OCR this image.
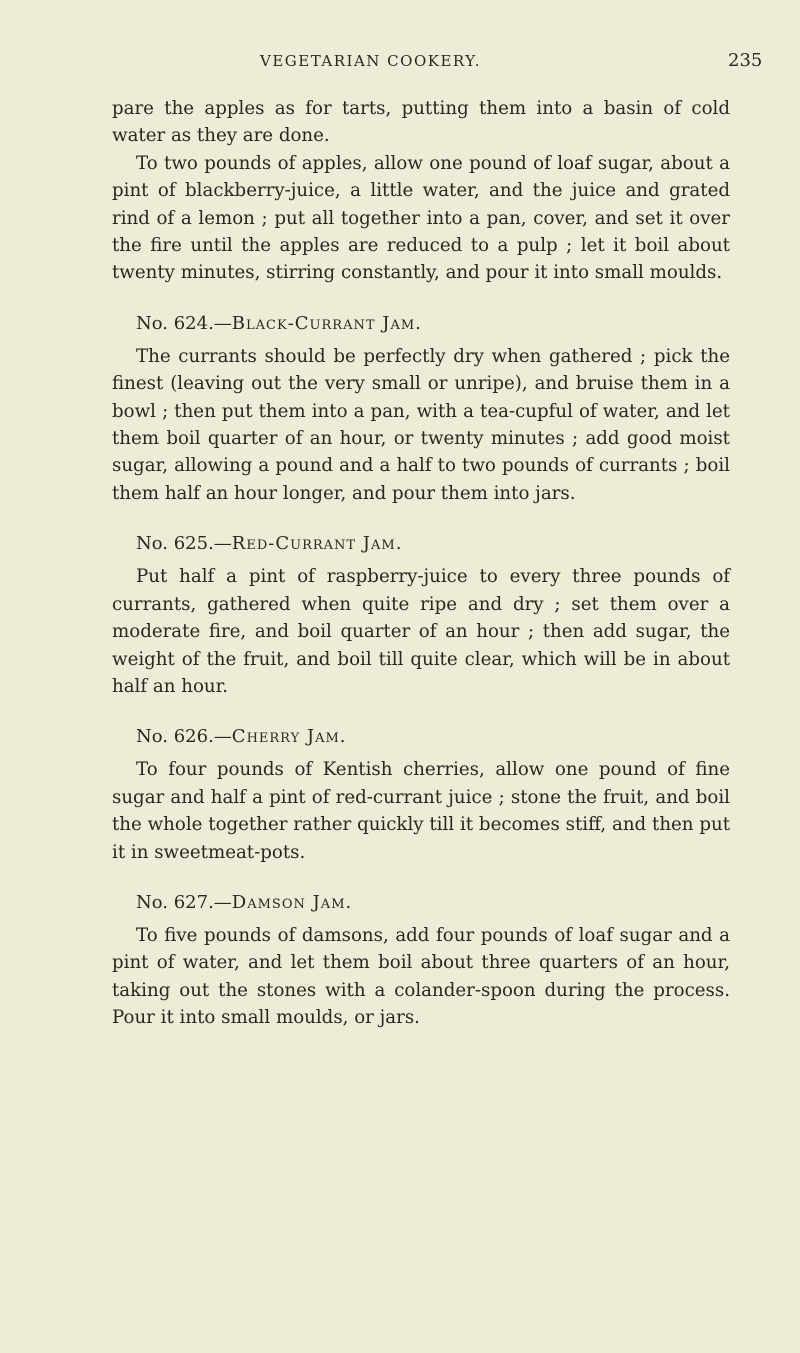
VEGETARIAN COOKERY.	235

pare the apples as for tarts, putting them into a basin of cold water as they are done.

To two pounds of apples, allow one pound of loaf sugar, about a pint of blackberry-juice, a little water, and the juice and grated rind of a lemon ; put all together into a pan, cover, and set it over the fire until the apples are reduced to a pulp ; let it boil about twenty minutes, stirring constantly, and pour it into small moulds.

No. 624.—Black-Currant Jam.

The currants should be perfectly dry when gathered ; pick the finest (leaving out the very small or unripe), and bruise them in a bowl ; then put them into a pan, with a tea-cupful of water, and let them boil quarter of an hour, or twenty minutes ; add good moist sugar, allowing a pound and a half to two pounds of currants ; boil them half an hour longer, and pour them into jars.

No. 625.—Red-Currant Jam.

Put half a pint of raspberry-juice to every three pounds of currants, gathered when quite ripe and dry ; set them over a moderate fire, and boil quarter of an hour ; then add sugar, the weight of the fruit, and boil till quite clear, which will be in about half an hour.

No. 626.—Cherry Jam.

To four pounds of Kentish cherries, allow one pound of fine sugar and half a pint of red-currant juice ; stone the fruit, and boil the whole together rather quickly till it becomes stiff, and then put it in sweetmeat-pots.

No. 627.—Damson Jam.

To five pounds of damsons, add four pounds of loaf sugar and a pint of water, and let them boil about three quarters of an hour, taking out the stones with a colander-spoon during the process. Pour it into small moulds, or jars.
